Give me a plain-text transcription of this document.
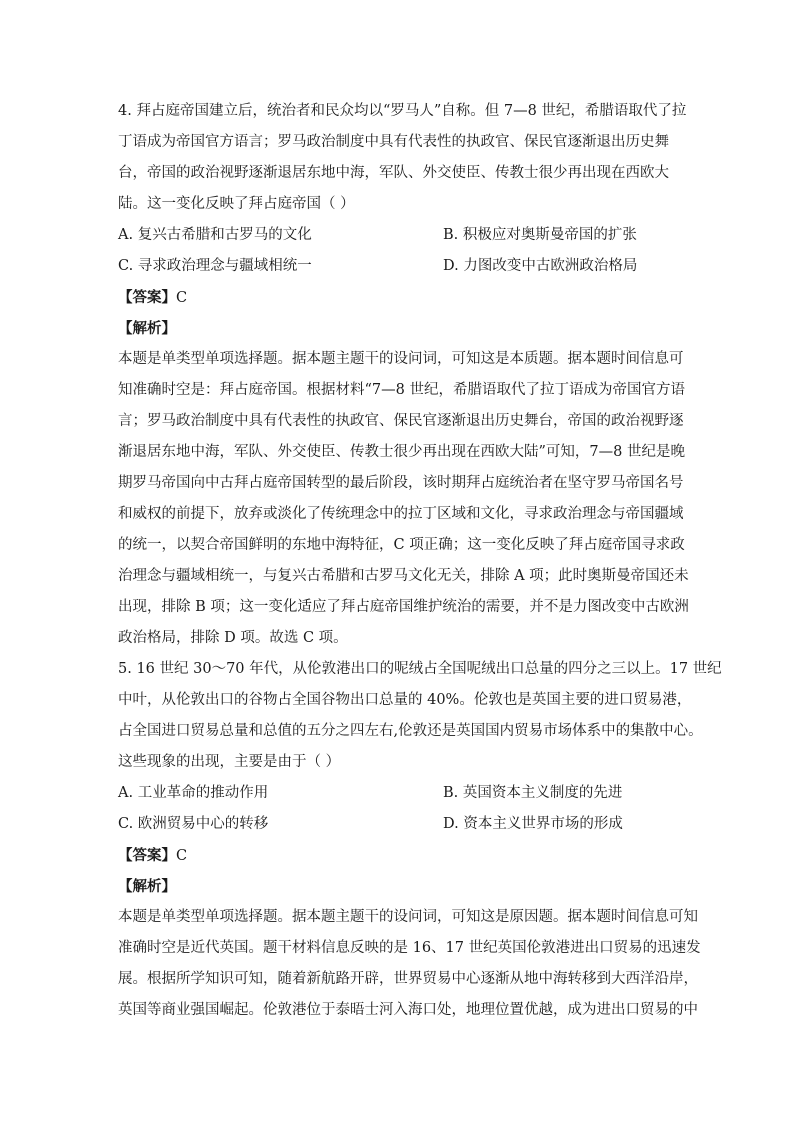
4. 拜占庭帝国建立后，统治者和民众均以“罗马人”自称。但 7—8 世纪，希腊语取代了拉
丁语成为帝国官方语言；罗马政治制度中具有代表性的执政官、保民官逐渐退出历史舞
台，帝国的政治视野逐渐退居东地中海，军队、外交使臣、传教士很少再出现在西欧大
陆。这一变化反映了拜占庭帝国（ ）
A. 复兴古希腊和古罗马的文化	B. 积极应对奥斯曼帝国的扩张
C. 寻求政治理念与疆域相统一	D. 力图改变中古欧洲政治格局
【答案】C
【解析】
本题是单类型单项选择题。据本题主题干的设问词，可知这是本质题。据本题时间信息可
知准确时空是：拜占庭帝国。根据材料“7—8 世纪，希腊语取代了拉丁语成为帝国官方语
言；罗马政治制度中具有代表性的执政官、保民官逐渐退出历史舞台，帝国的政治视野逐
渐退居东地中海，军队、外交使臣、传教士很少再出现在西欧大陆”可知，7—8 世纪是晚
期罗马帝国向中古拜占庭帝国转型的最后阶段，该时期拜占庭统治者在坚守罗马帝国名号
和威权的前提下，放弃或淡化了传统理念中的拉丁区域和文化，寻求政治理念与帝国疆域
的统一，以契合帝国鲜明的东地中海特征，C 项正确；这一变化反映了拜占庭帝国寻求政
治理念与疆域相统一，与复兴古希腊和古罗马文化无关，排除 A 项；此时奥斯曼帝国还未
出现，排除 B 项；这一变化适应了拜占庭帝国维护统治的需要，并不是力图改变中古欧洲
政治格局，排除 D 项。故选 C 项。
5. 16 世纪 30～70 年代，从伦敦港出口的呢绒占全国呢绒出口总量的四分之三以上。17 世纪
中叶，从伦敦出口的谷物占全国谷物出口总量的 40%。伦敦也是英国主要的进口贸易港，
占全国进口贸易总量和总值的五分之四左右,伦敦还是英国国内贸易市场体系中的集散中心。
这些现象的出现，主要是由于（ ）
A. 工业革命的推动作用	B. 英国资本主义制度的先进
C. 欧洲贸易中心的转移	D. 资本主义世界市场的形成
【答案】C
【解析】
本题是单类型单项选择题。据本题主题干的设问词，可知这是原因题。据本题时间信息可知
准确时空是近代英国。题干材料信息反映的是 16、17 世纪英国伦敦港进出口贸易的迅速发
展。根据所学知识可知，随着新航路开辟，世界贸易中心逐渐从地中海转移到大西洋沿岸，
英国等商业强国崛起。伦敦港位于泰晤士河入海口处，地理位置优越，成为进出口贸易的中
